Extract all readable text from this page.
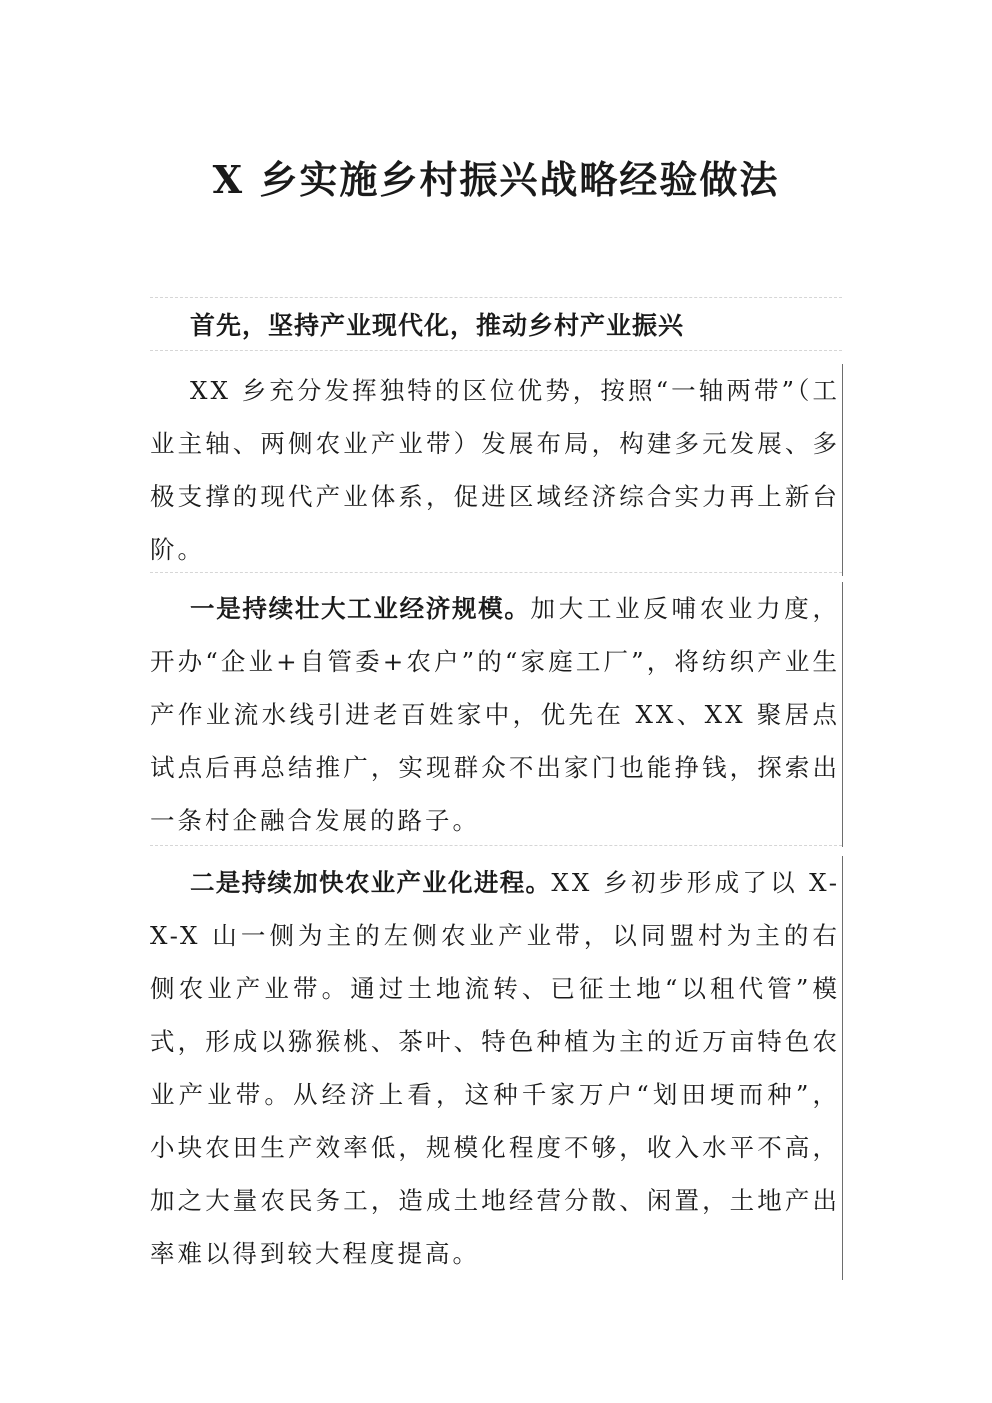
X 乡实施乡村振兴战略经验做法
首先，坚持产业现代化，推动乡村产业振兴

XX 乡充分发挥独特的区位优势，按照“一轴两带”（工业主轴、两侧农业产业带）发展布局，构建多元发展、多极支撑的现代产业体系，促进区域经济综合实力再上新台阶。

一是持续壮大工业经济规模。加大工业反哺农业力度，开办“企业+自管委+农户”的“家庭工厂”，将纺织产业生产作业流水线引进老百姓家中，优先在 XX、XX 聚居点试点后再总结推广，实现群众不出家门也能挣钱，探索出一条村企融合发展的路子。

二是持续加快农业产业化进程。XX 乡初步形成了以 X-X-X 山一侧为主的左侧农业产业带，以同盟村为主的右侧农业产业带。通过土地流转、已征土地“以租代管”模式，形成以猕猴桃、茶叶、特色种植为主的近万亩特色农业产业带。从经济上看，这种千家万户“划田埂而种”，小块农田生产效率低，规模化程度不够，收入水平不高，加之大量农民务工，造成土地经营分散、闲置，土地产出率难以得到较大程度提高。
